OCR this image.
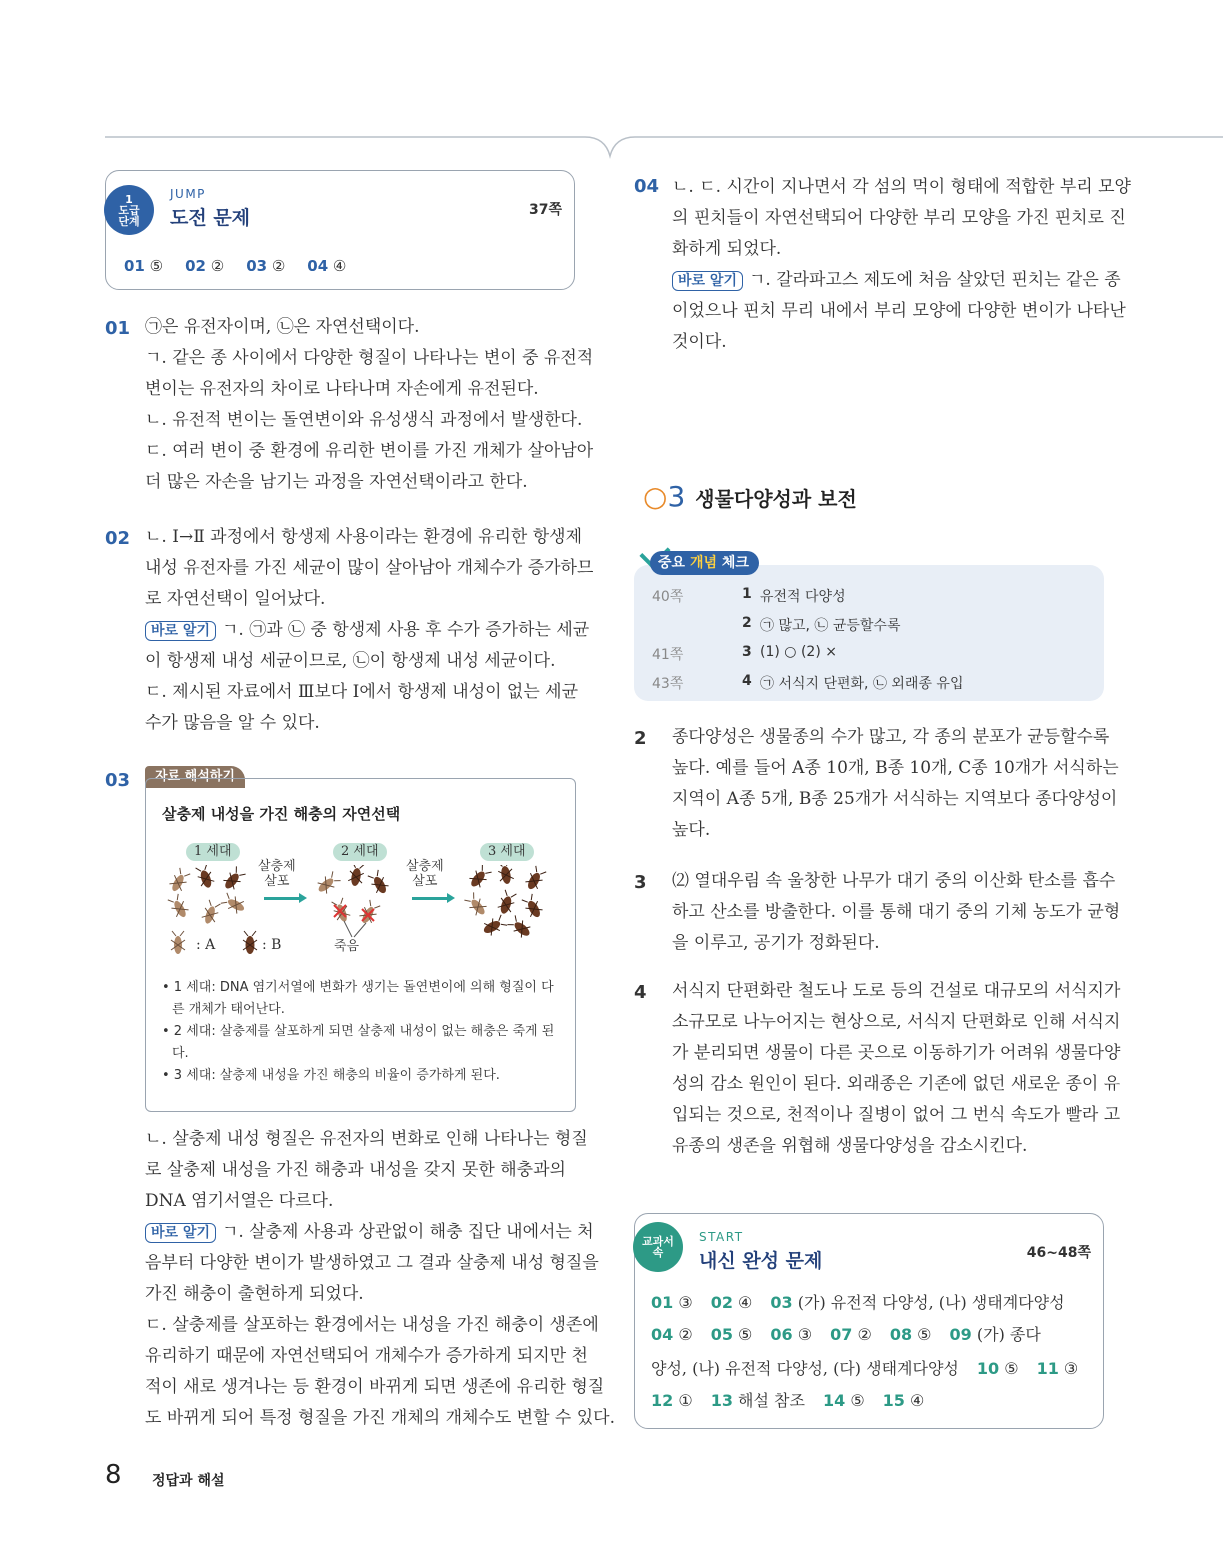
1
도급
단계
JUMP
도전 문제	37쪽
01 ⑤ 02 ② 03 ② 04 ④
01 ㉠은 유전자이며, ㉡은 자연선택이다.
ㄱ. 같은 종 사이에서 다양한 형질이 나타나는 변이 중 유전적
변이는 유전자의 차이로 나타나며 자손에게 유전된다.
ㄴ. 유전적 변이는 돌연변이와 유성생식 과정에서 발생한다.
ㄷ. 여러 변이 중 환경에 유리한 변이를 가진 개체가 살아남아
더 많은 자손을 남기는 과정을 자연선택이라고 한다.
02 ㄴ. Ⅰ→Ⅱ 과정에서 항생제 사용이라는 환경에 유리한 항생제
내성 유전자를 가진 세균이 많이 살아남아 개체수가 증가하므
로 자연선택이 일어났다.
바로 알기 ㄱ. ㉠과 ㉡ 중 항생제 사용 후 수가 증가하는 세균
이 항생제 내성 세균이므로, ㉡이 항생제 내성 세균이다.
ㄷ. 제시된 자료에서 Ⅲ보다 Ⅰ에서 항생제 내성이 없는 세균
수가 많음을 알 수 있다.
03	자료 해석하기
살충제 내성을 가진 해충의 자연선택
1 세대	2 세대	3 세대
살충제
살포
살충제
살포
: A	: B	죽음
• 1 세대: DNA 염기서열에 변화가 생기는 돌연변이에 의해 형질이 다른 개체가 태어난다.
• 2 세대: 살충제를 살포하게 되면 살충제 내성이 없는 해충은 죽게 된다.
• 3 세대: 살충제 내성을 가진 해충의 비율이 증가하게 된다.
ㄴ. 살충제 내성 형질은 유전자의 변화로 인해 나타나는 형질
로 살충제 내성을 가진 해충과 내성을 갖지 못한 해충과의
DNA 염기서열은 다르다.
바로 알기 ㄱ. 살충제 사용과 상관없이 해충 집단 내에서는 처
음부터 다양한 변이가 발생하였고 그 결과 살충제 내성 형질을
가진 해충이 출현하게 되었다.
ㄷ. 살충제를 살포하는 환경에서는 내성을 가진 해충이 생존에
유리하기 때문에 자연선택되어 개체수가 증가하게 되지만 천
적이 새로 생겨나는 등 환경이 바뀌게 되면 생존에 유리한 형질
도 바뀌게 되어 특정 형질을 가진 개체의 개체수도 변할 수 있다.
04 ㄴ. ㄷ. 시간이 지나면서 각 섬의 먹이 형태에 적합한 부리 모양
의 핀치들이 자연선택되어 다양한 부리 모양을 가진 핀치로 진
화하게 되었다.
바로 알기 ㄱ. 갈라파고스 제도에 처음 살았던 핀치는 같은 종
이었으나 핀치 무리 내에서 부리 모양에 다양한 변이가 나타난
것이다.
○3 생물다양성과 보전
중요 개념 체크
40쪽	1 유전적 다양성
2 ㉠ 많고, ㉡ 균등할수록
41쪽	3 (1) ○ (2) ×
43쪽	4 ㉠ 서식지 단편화, ㉡ 외래종 유입
2 종다양성은 생물종의 수가 많고, 각 종의 분포가 균등할수록
높다. 예를 들어 A종 10개, B종 10개, C종 10개가 서식하는
지역이 A종 5개, B종 25개가 서식하는 지역보다 종다양성이
높다.
3 ⑵ 열대우림 속 울창한 나무가 대기 중의 이산화 탄소를 흡수
하고 산소를 방출한다. 이를 통해 대기 중의 기체 농도가 균형
을 이루고, 공기가 정화된다.
4 서식지 단편화란 철도나 도로 등의 건설로 대규모의 서식지가
소규모로 나누어지는 현상으로, 서식지 단편화로 인해 서식지
가 분리되면 생물이 다른 곳으로 이동하기가 어려워 생물다양
성의 감소 원인이 된다. 외래종은 기존에 없던 새로운 종이 유
입되는 것으로, 천적이나 질병이 없어 그 번식 속도가 빨라 고
유종의 생존을 위협해 생물다양성을 감소시킨다.
교과서
속
START
내신 완성 문제	46~48쪽
01 ③ 02 ④ 03 (가) 유전적 다양성, (나) 생태계다양성
04 ② 05 ⑤ 06 ③ 07 ② 08 ⑤ 09 (가) 종다
양성, (나) 유전적 다양성, (다) 생태계다양성 10 ⑤ 11 ③
12 ① 13 해설 참조 14 ⑤ 15 ④
8 정답과 해설
